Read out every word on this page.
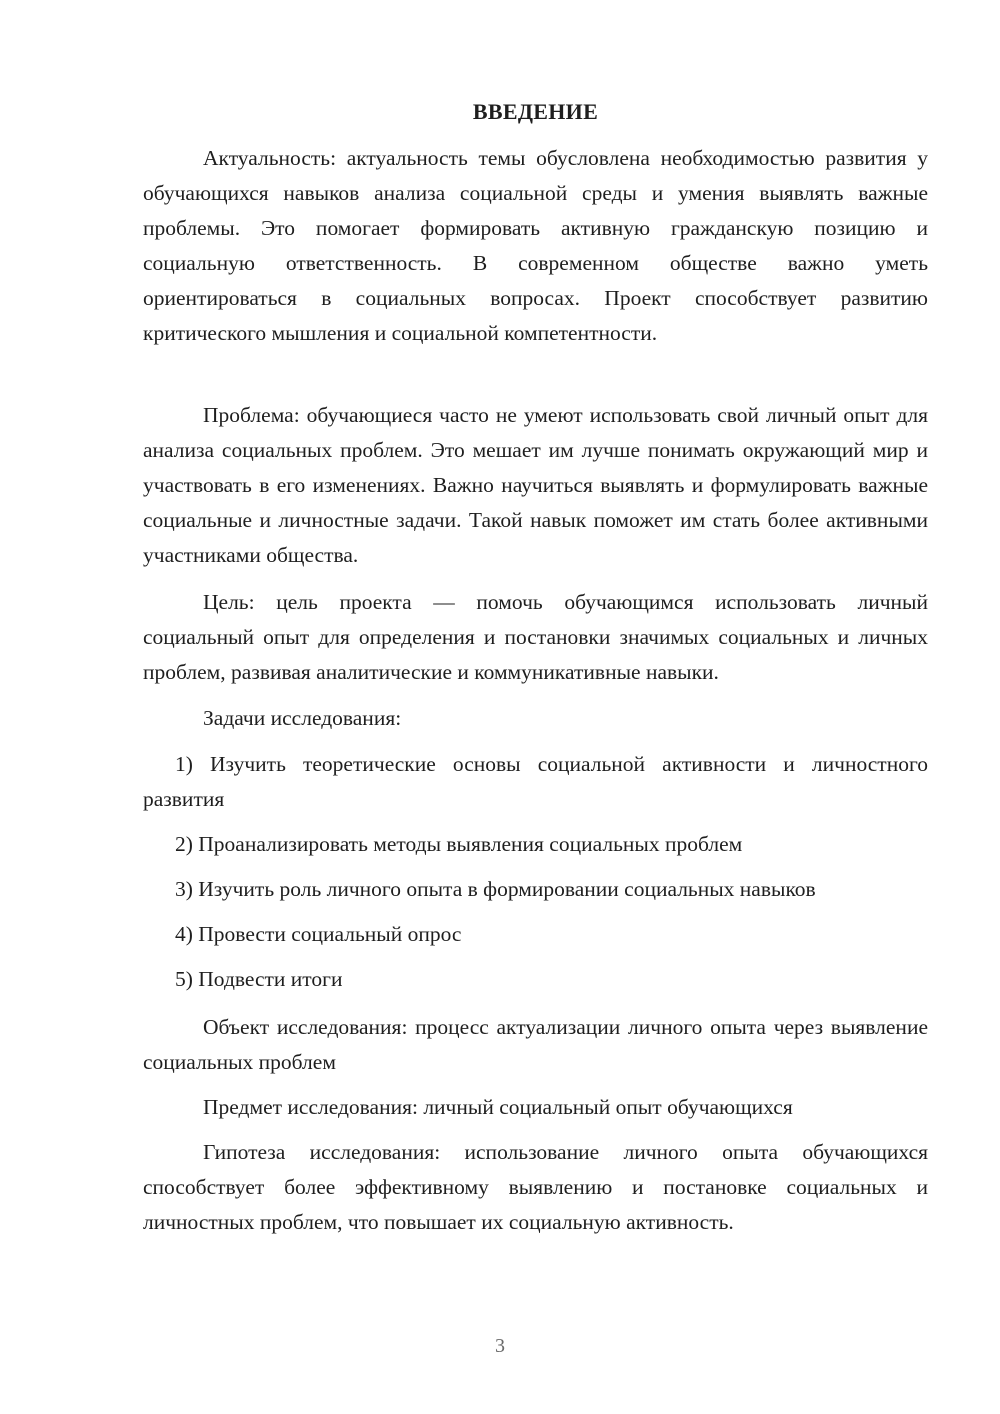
ВВЕДЕНИЕ

Актуальность: актуальность темы обусловлена необходимостью развития у обучающихся навыков анализа социальной среды и умения выявлять важные проблемы. Это помогает формировать активную гражданскую позицию и социальную ответственность. В современном обществе важно уметь ориентироваться в социальных вопросах. Проект способствует развитию критического мышления и социальной компетентности.

Проблема: обучающиеся часто не умеют использовать свой личный опыт для анализа социальных проблем. Это мешает им лучше понимать окружающий мир и участвовать в его изменениях. Важно научиться выявлять и формулировать важные социальные и личностные задачи. Такой навык поможет им стать более активными участниками общества.

Цель: цель проекта — помочь обучающимся использовать личный социальный опыт для определения и постановки значимых социальных и личных проблем, развивая аналитические и коммуникативные навыки.

Задачи исследования:

1) Изучить теоретические основы социальной активности и личностного развития

2) Проанализировать методы выявления социальных проблем

3) Изучить роль личного опыта в формировании социальных навыков

4) Провести социальный опрос

5) Подвести итоги

Объект исследования: процесс актуализации личного опыта через выявление социальных проблем

Предмет исследования: личный социальный опыт обучающихся

Гипотеза исследования: использование личного опыта обучающихся способствует более эффективному выявлению и постановке социальных и личностных проблем, что повышает их социальную активность.

3
